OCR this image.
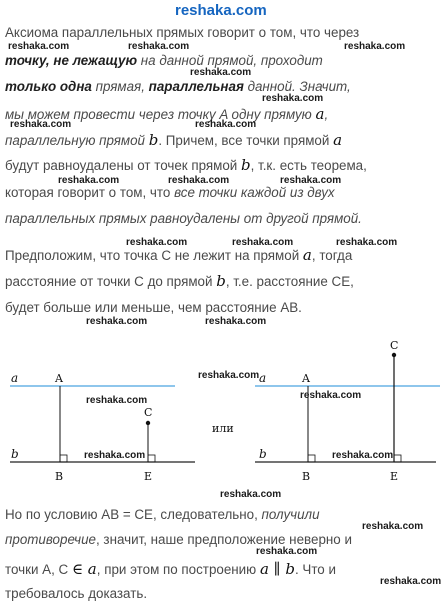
reshaka.com
Аксиома параллельных прямых говорит о том, что через
точку, не лежащую на данной прямой, проходит
только одна прямая, параллельная данной. Значит,
мы можем провести через точку A одну прямую a,
параллельную прямой b. Причем, все точки прямой a
будут равноудалены от точек прямой b, т.к. есть теорема,
которая говорит о том, что все точки каждой из двух
параллельных прямых равноудалены от другой прямой.
Предположим, что точка C не лежит на прямой a, тогда
расстояние от точки C до прямой b, т.е. расстояние CE,
будет больше или меньше, чем расстояние AB.
a
b
A
B
C
E
или
a
b
A
B
C
E
Но по условию AB = CE, следовательно, получили
противоречие, значит, наше предположение неверно и
точки A, C ∈ a, при этом по построению a ∥ b. Что и
требовалось доказать.
reshaka.com	reshaka.com	reshaka.com
reshaka.com
reshaka.com
reshaka.com	reshaka.com
reshaka.com	reshaka.com	reshaka.com
reshaka.com	reshaka.com	reshaka.com
reshaka.com	reshaka.com
reshaka.com
reshaka.com	reshaka.com
reshaka.com	reshaka.com
reshaka.com
reshaka.com
reshaka.com
reshaka.com
